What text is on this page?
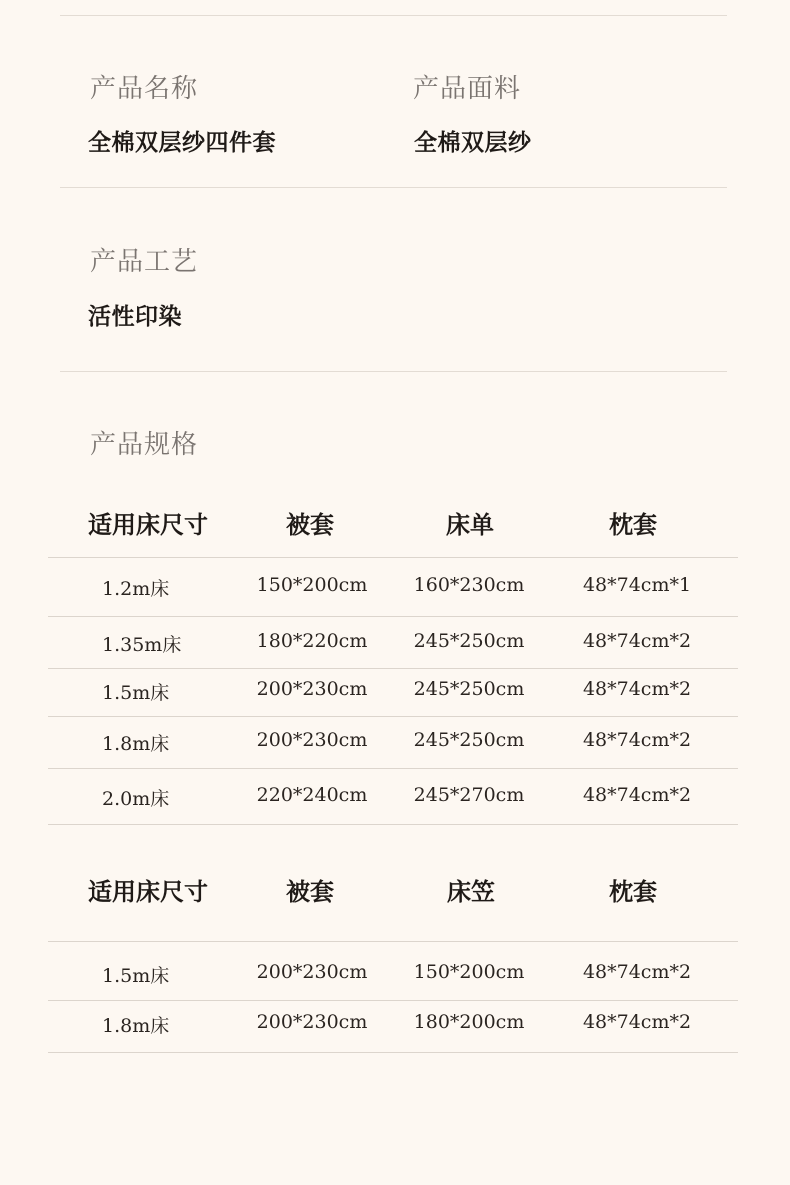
产品名称
全棉双层纱四件套
产品面料
全棉双层纱
产品工艺
活性印染
产品规格
适用床尺寸	被套	床单	枕套
1.2m床	150*200cm 160*230cm	48*74cm*1
1.35m床	180*220cm 245*250cm	48*74cm*2
1.5m床	200*230cm 245*250cm	48*74cm*2
1.8m床	200*230cm 245*250cm	48*74cm*2
2.0m床	220*240cm 245*270cm	48*74cm*2
适用床尺寸	被套	床笠	枕套
1.5m床	200*230cm 150*200cm	48*74cm*2
1.8m床	200*230cm 180*200cm	48*74cm*2
